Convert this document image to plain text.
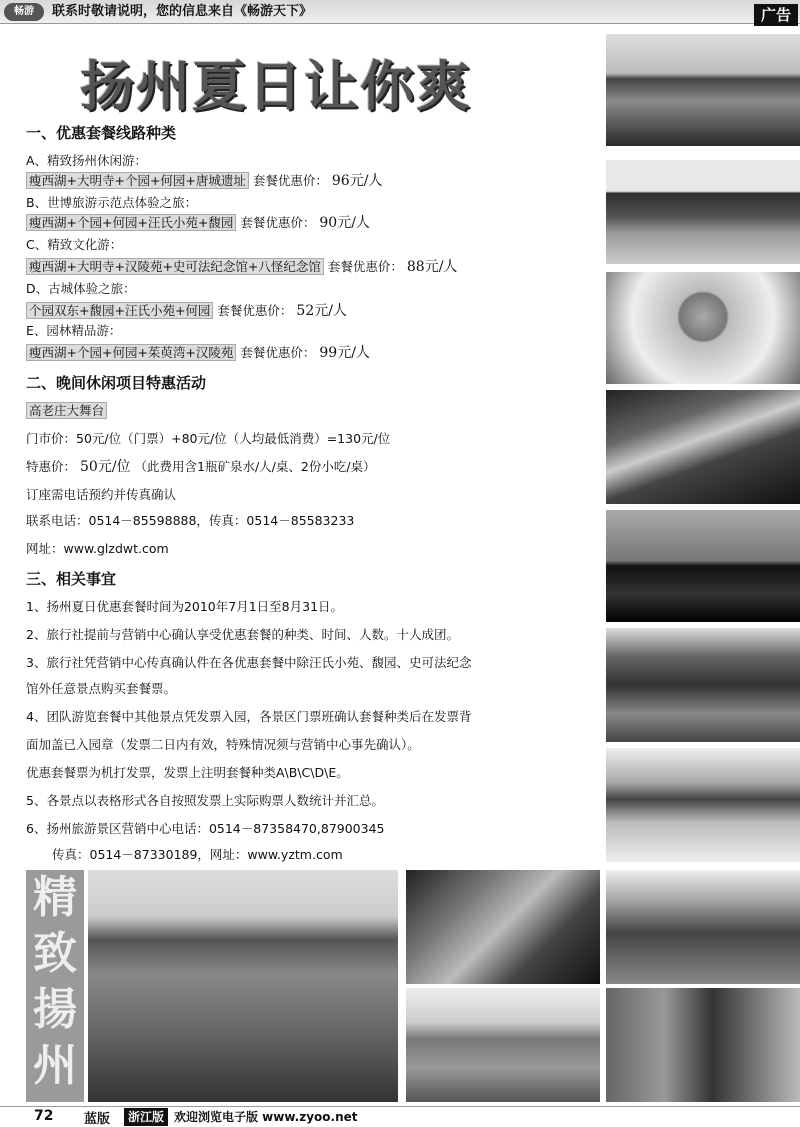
畅游	联系时敬请说明，您的信息来自《畅游天下》	广告
扬州夏日让你爽
一、优惠套餐线路种类
A、精致扬州休闲游：
瘦西湖+大明寺+个园+何园+唐城遗址 套餐优惠价： 96元/人
B、世博旅游示范点体验之旅：
瘦西湖+个园+何园+汪氏小苑+馥园 套餐优惠价： 90元/人
C、精致文化游：
瘦西湖+大明寺+汉陵苑+史可法纪念馆+八怪纪念馆 套餐优惠价： 88元/人
D、古城体验之旅：
个园双东+馥园+汪氏小苑+何园 套餐优惠价： 52元/人
E、园林精品游：
瘦西湖+个园+何园+茱萸湾+汉陵苑 套餐优惠价： 99元/人
二、晚间休闲项目特惠活动
高老庄大舞台
门市价：50元/位（门票）+80元/位（人均最低消费）=130元/位
特惠价： 50元/位 （此费用含1瓶矿泉水/人/桌、2份小吃/桌）
订座需电话预约并传真确认
联系电话：0514－85598888，传真：0514－85583233
网址：www.glzdwt.com
三、相关事宜
1、扬州夏日优惠套餐时间为2010年7月1日至8月31日。
2、旅行社提前与营销中心确认享受优惠套餐的种类、时间、人数。十人成团。
3、旅行社凭营销中心传真确认件在各优惠套餐中除汪氏小苑、馥园、史可法纪念
馆外任意景点购买套餐票。
4、团队游览套餐中其他景点凭发票入园，各景区门票班确认套餐种类后在发票背
面加盖已入园章（发票二日内有效，特殊情况须与营销中心事先确认）。
优惠套餐票为机打发票，发票上注明套餐种类A\B\C\D\E。
5、各景点以表格形式各自按照发票上实际购票人数统计并汇总。
6、扬州旅游景区营销中心电话：0514－87358470,87900345
传真：0514－87330189，网址：www.yztm.com
精
致
揚
州
72 蓝版	浙江版 欢迎浏览电子版 www.zyoo.net
